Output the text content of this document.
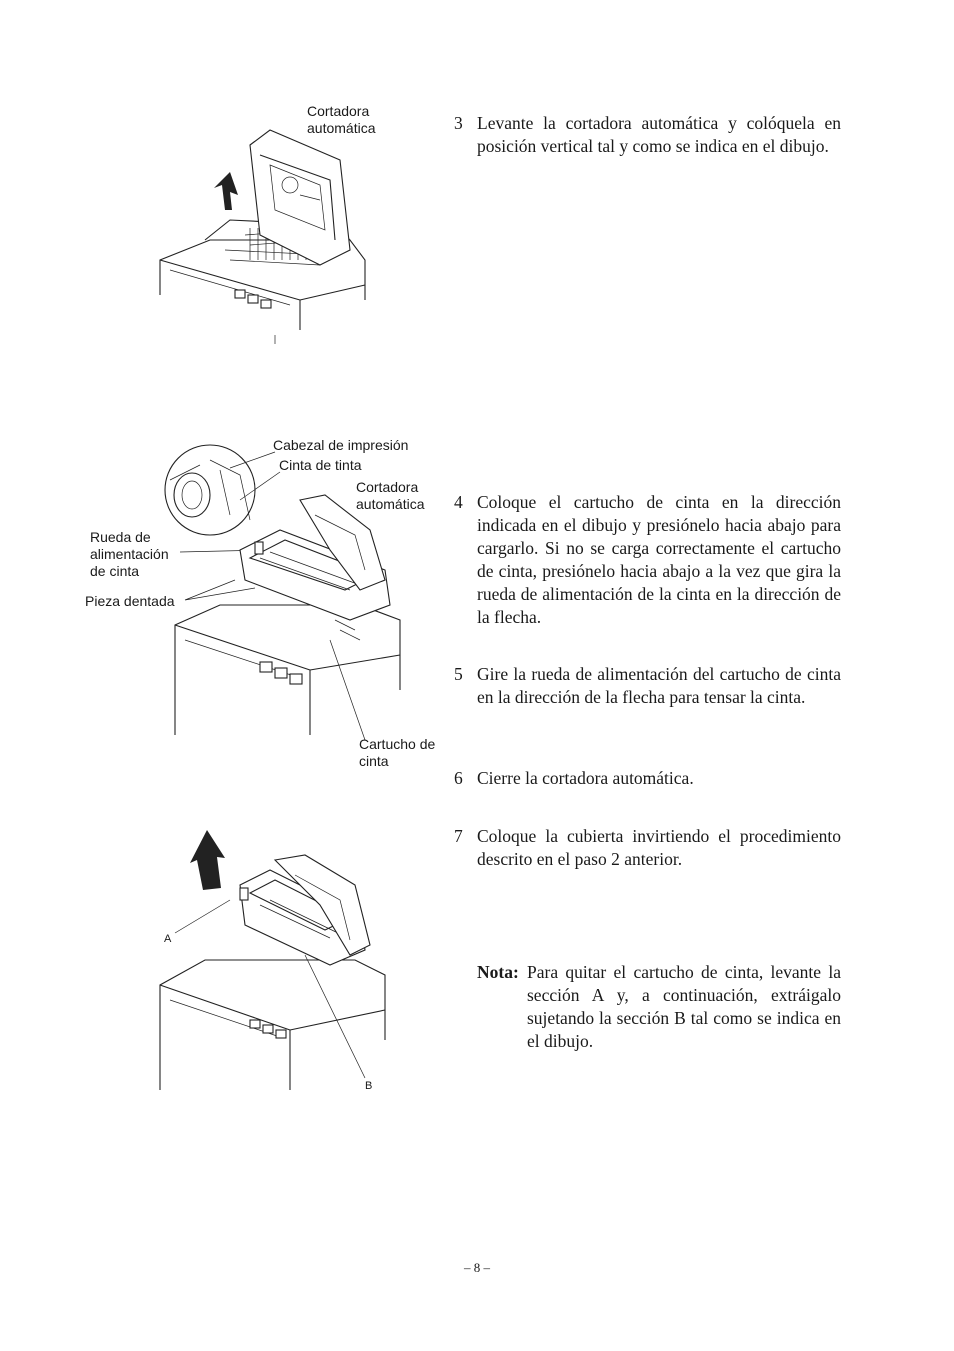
Cortadora
automática
Cabezal de impresión
Cinta de tinta
Cortadora
automática
Rueda de
alimentación
de cinta
Pieza dentada
Cartucho de
cinta
A
B
3 Levante la cortadora automática y colóquela en posición vertical tal y como se indica en el dibujo.
4 Coloque el cartucho de cinta en la dirección indicada en el dibujo y presiónelo hacia abajo para cargarlo. Si no se carga correctamente el cartucho de cinta, presiónelo hacia abajo a la vez que gira la rueda de alimentación de la cinta en la dirección de la flecha.
5 Gire la rueda de alimentación del cartucho de cinta en la dirección de la flecha para tensar la cinta.
6 Cierre la cortadora automática.
7 Coloque la cubierta invirtiendo el procedimiento descrito en el paso 2 anterior.
Nota: Para quitar el cartucho de cinta, levante la sección A y, a continuación, extráigalo sujetando la sección B tal como se indica en el dibujo.
– 8 –
